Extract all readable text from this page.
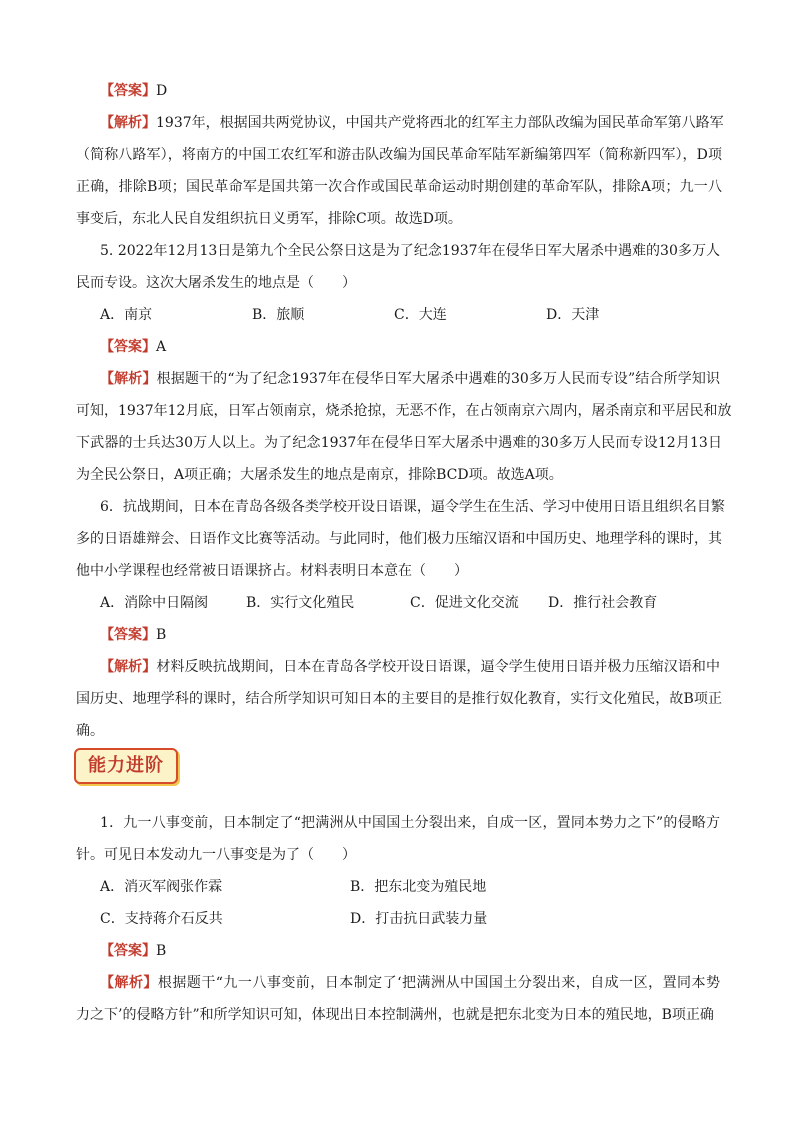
【答案】D
【解析】1937年，根据国共两党协议，中国共产党将西北的红军主力部队改编为国民革命军第八路军
（简称八路军），将南方的中国工农红军和游击队改编为国民革命军陆军新编第四军（简称新四军），D项
正确，排除B项；国民革命军是国共第一次合作或国民革命运动时期创建的革命军队，排除A项；九一八
事变后，东北人民自发组织抗日义勇军，排除C项。故选D项。
5. 2022年12月13日是第九个全民公祭日这是为了纪念1937年在侵华日军大屠杀中遇难的30多万人
民而专设。这次大屠杀发生的地点是（　　）
A．南京	B．旅顺	C．大连	D．天津
【答案】A
【解析】根据题干的“为了纪念1937年在侵华日军大屠杀中遇难的30多万人民而专设”结合所学知识
可知，1937年12月底，日军占领南京，烧杀抢掠，无恶不作，在占领南京六周内，屠杀南京和平居民和放
下武器的士兵达30万人以上。为了纪念1937年在侵华日军大屠杀中遇难的30多万人民而专设12月13日
为全民公祭日，A项正确；大屠杀发生的地点是南京，排除BCD项。故选A项。
6．抗战期间，日本在青岛各级各类学校开设日语课，逼令学生在生活、学习中使用日语且组织名目繁
多的日语雄辩会、日语作文比赛等活动。与此同时，他们极力压缩汉语和中国历史、地理学科的课时，其
他中小学课程也经常被日语课挤占。材料表明日本意在（　　）
A．消除中日隔阂	B．实行文化殖民	C．促进文化交流 D．推行社会教育
【答案】B
【解析】材料反映抗战期间，日本在青岛各学校开设日语课，逼令学生使用日语并极力压缩汉语和中
国历史、地理学科的课时，结合所学知识可知日本的主要目的是推行奴化教育，实行文化殖民，故B项正
确。
能力进阶
1．九一八事变前，日本制定了“把满洲从中国国土分裂出来，自成一区，置同本势力之下”的侵略方
针。可见日本发动九一八事变是为了（　　）
A．消灭军阀张作霖	B．把东北变为殖民地
C．支持蒋介石反共	D．打击抗日武装力量
【答案】B
【解析】根据题干“九一八事变前，日本制定了‘把满洲从中国国土分裂出来，自成一区，置同本势
力之下’的侵略方针”和所学知识可知，体现出日本控制满州，也就是把东北变为日本的殖民地，B项正确
